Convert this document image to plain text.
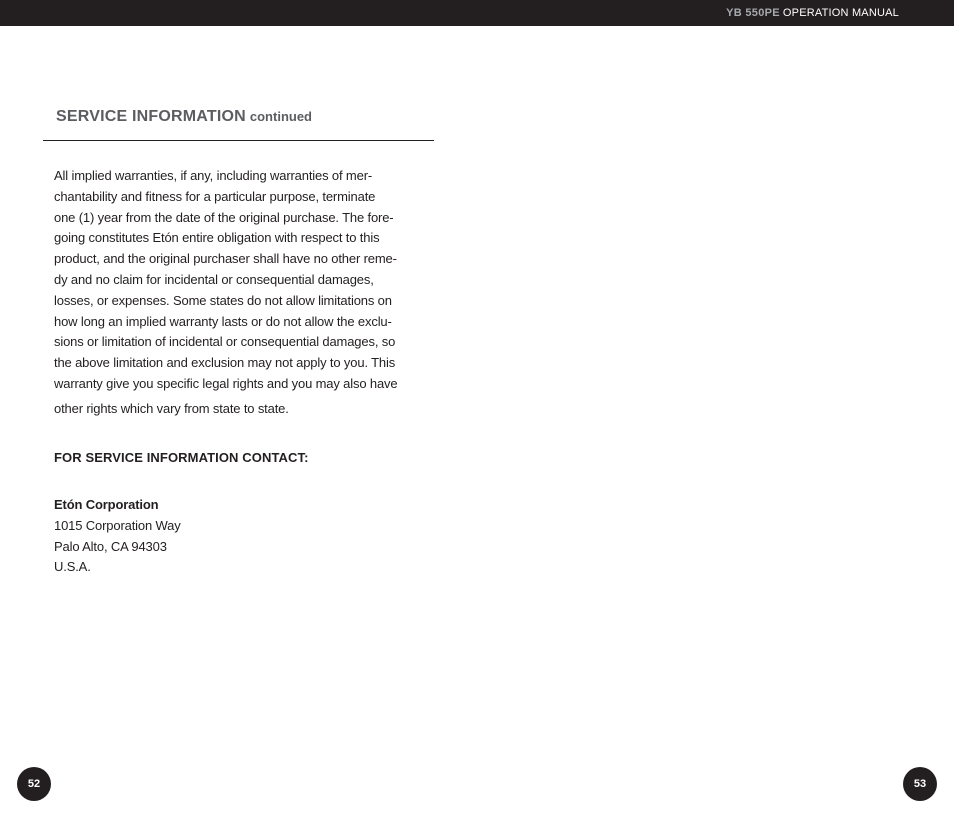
YB 550PE OPERATION MANUAL
SERVICE INFORMATION continued

All implied warranties, if any, including warranties of mer-
chantability and fitness for a particular purpose, terminate
one (1) year from the date of the original purchase. The fore-
going constitutes Etón entire obligation with respect to this
product, and the original purchaser shall have no other reme-
dy and no claim for incidental or consequential damages,
losses, or expenses. Some states do not allow limitations on
how long an implied warranty lasts or do not allow the exclu-
sions or limitation of incidental or consequential damages, so
the above limitation and exclusion may not apply to you. This
warranty give you specific legal rights and you may also have
other rights which vary from state to state.

FOR SERVICE INFORMATION CONTACT:
Etón Corporation
1015 Corporation Way
Palo Alto, CA 94303
U.S.A.
52	53
